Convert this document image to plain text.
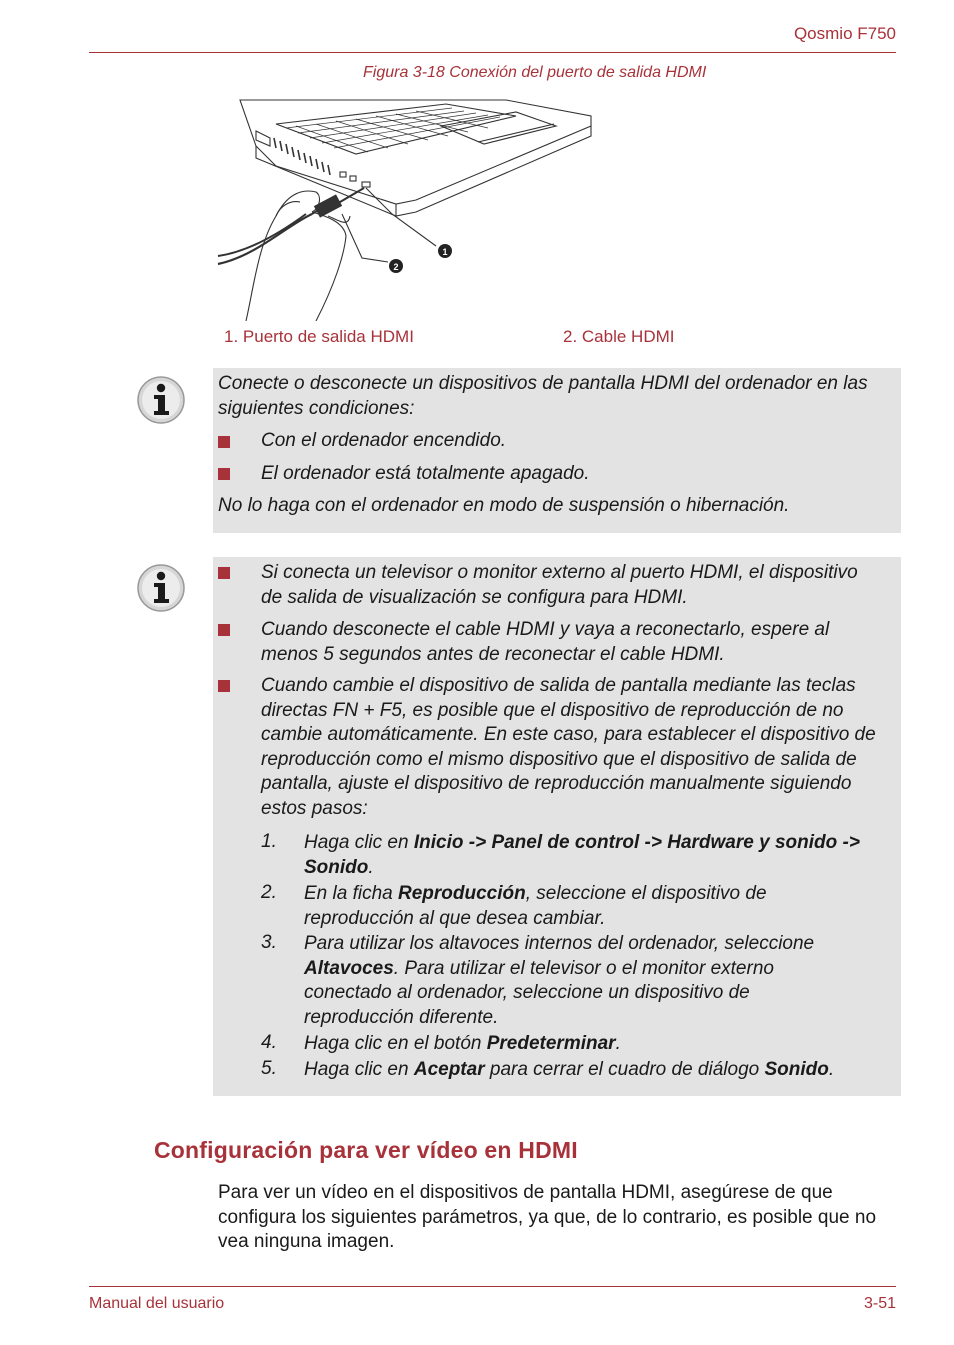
Qosmio F750
Figura 3-18 Conexión del puerto de salida HDMI
1
2
1. Puerto de salida HDMI	2. Cable HDMI
Conecte o desconecte un dispositivos de pantalla HDMI del ordenador en las siguientes condiciones:
Con el ordenador encendido.
El ordenador está totalmente apagado.
No lo haga con el ordenador en modo de suspensión o hibernación.
Si conecta un televisor o monitor externo al puerto HDMI, el dispositivo de salida de visualización se configura para HDMI.
Cuando desconecte el cable HDMI y vaya a reconectarlo, espere al menos 5 segundos antes de reconectar el cable HDMI.
Cuando cambie el dispositivo de salida de pantalla mediante las teclas directas FN + F5, es posible que el dispositivo de reproducción de no cambie automáticamente. En este caso, para establecer el dispositivo de reproducción como el mismo dispositivo que el dispositivo de salida de pantalla, ajuste el dispositivo de reproducción manualmente siguiendo estos pasos:
1. Haga clic en Inicio -> Panel de control -> Hardware y sonido -> Sonido.
2. En la ficha Reproducción, seleccione el dispositivo de reproducción al que desea cambiar.
3. Para utilizar los altavoces internos del ordenador, seleccione Altavoces. Para utilizar el televisor o el monitor externo conectado al ordenador, seleccione un dispositivo de reproducción diferente.
4. Haga clic en el botón Predeterminar.
5. Haga clic en Aceptar para cerrar el cuadro de diálogo Sonido.
Configuración para ver vídeo en HDMI
Para ver un vídeo en el dispositivos de pantalla HDMI, asegúrese de que configura los siguientes parámetros, ya que, de lo contrario, es posible que no vea ninguna imagen.
Manual del usuario	3-51
